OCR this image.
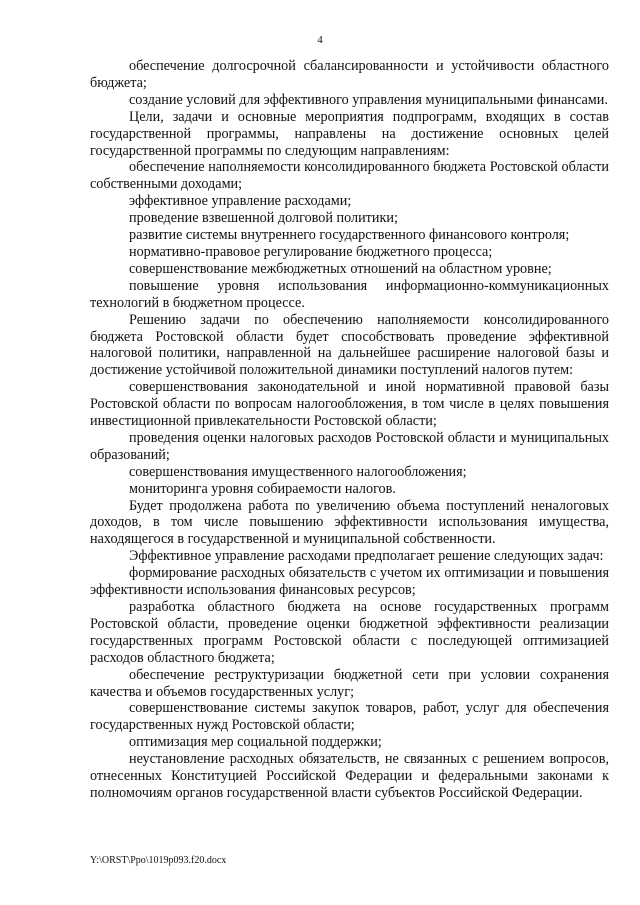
4

обеспечение долгосрочной сбалансированности и устойчивости областного бюджета;

создание условий для эффективного управления муниципальными финансами.

Цели, задачи и основные мероприятия подпрограмм, входящих в состав государственной программы, направлены на достижение основных целей государственной программы по следующим направлениям:

обеспечение наполняемости консолидированного бюджета Ростовской области собственными доходами;

эффективное управление расходами;

проведение взвешенной долговой политики;

развитие системы внутреннего государственного финансового контроля;

нормативно-правовое регулирование бюджетного процесса;

совершенствование межбюджетных отношений на областном уровне;

повышение уровня использования информационно-коммуникационных технологий в бюджетном процессе.

Решению задачи по обеспечению наполняемости консолидированного бюджета Ростовской области будет способствовать проведение эффективной налоговой политики, направленной на дальнейшее расширение налоговой базы и достижение устойчивой положительной динамики поступлений налогов путем:

совершенствования законодательной и иной нормативной правовой базы Ростовской области по вопросам налогообложения, в том числе в целях повышения инвестиционной привлекательности Ростовской области;

проведения оценки налоговых расходов Ростовской области и муниципальных образований;

совершенствования имущественного налогообложения;

мониторинга уровня собираемости налогов.

Будет продолжена работа по увеличению объема поступлений неналоговых доходов, в том числе повышению эффективности использования имущества, находящегося в государственной и муниципальной собственности.

Эффективное управление расходами предполагает решение следующих задач:

формирование расходных обязательств с учетом их оптимизации и повышения эффективности использования финансовых ресурсов;

разработка областного бюджета на основе государственных программ Ростовской области, проведение оценки бюджетной эффективности реализации государственных программ Ростовской области с последующей оптимизацией расходов областного бюджета;

обеспечение реструктуризации бюджетной сети при условии сохранения качества и объемов государственных услуг;

совершенствование системы закупок товаров, работ, услуг для обеспечения государственных нужд Ростовской области;

оптимизация мер социальной поддержки;

неустановление расходных обязательств, не связанных с решением вопросов, отнесенных Конституцией Российской Федерации и федеральными законами к полномочиям органов государственной власти субъектов Российской Федерации.

Y:\ORST\Ppo\1019p093.f20.docx
